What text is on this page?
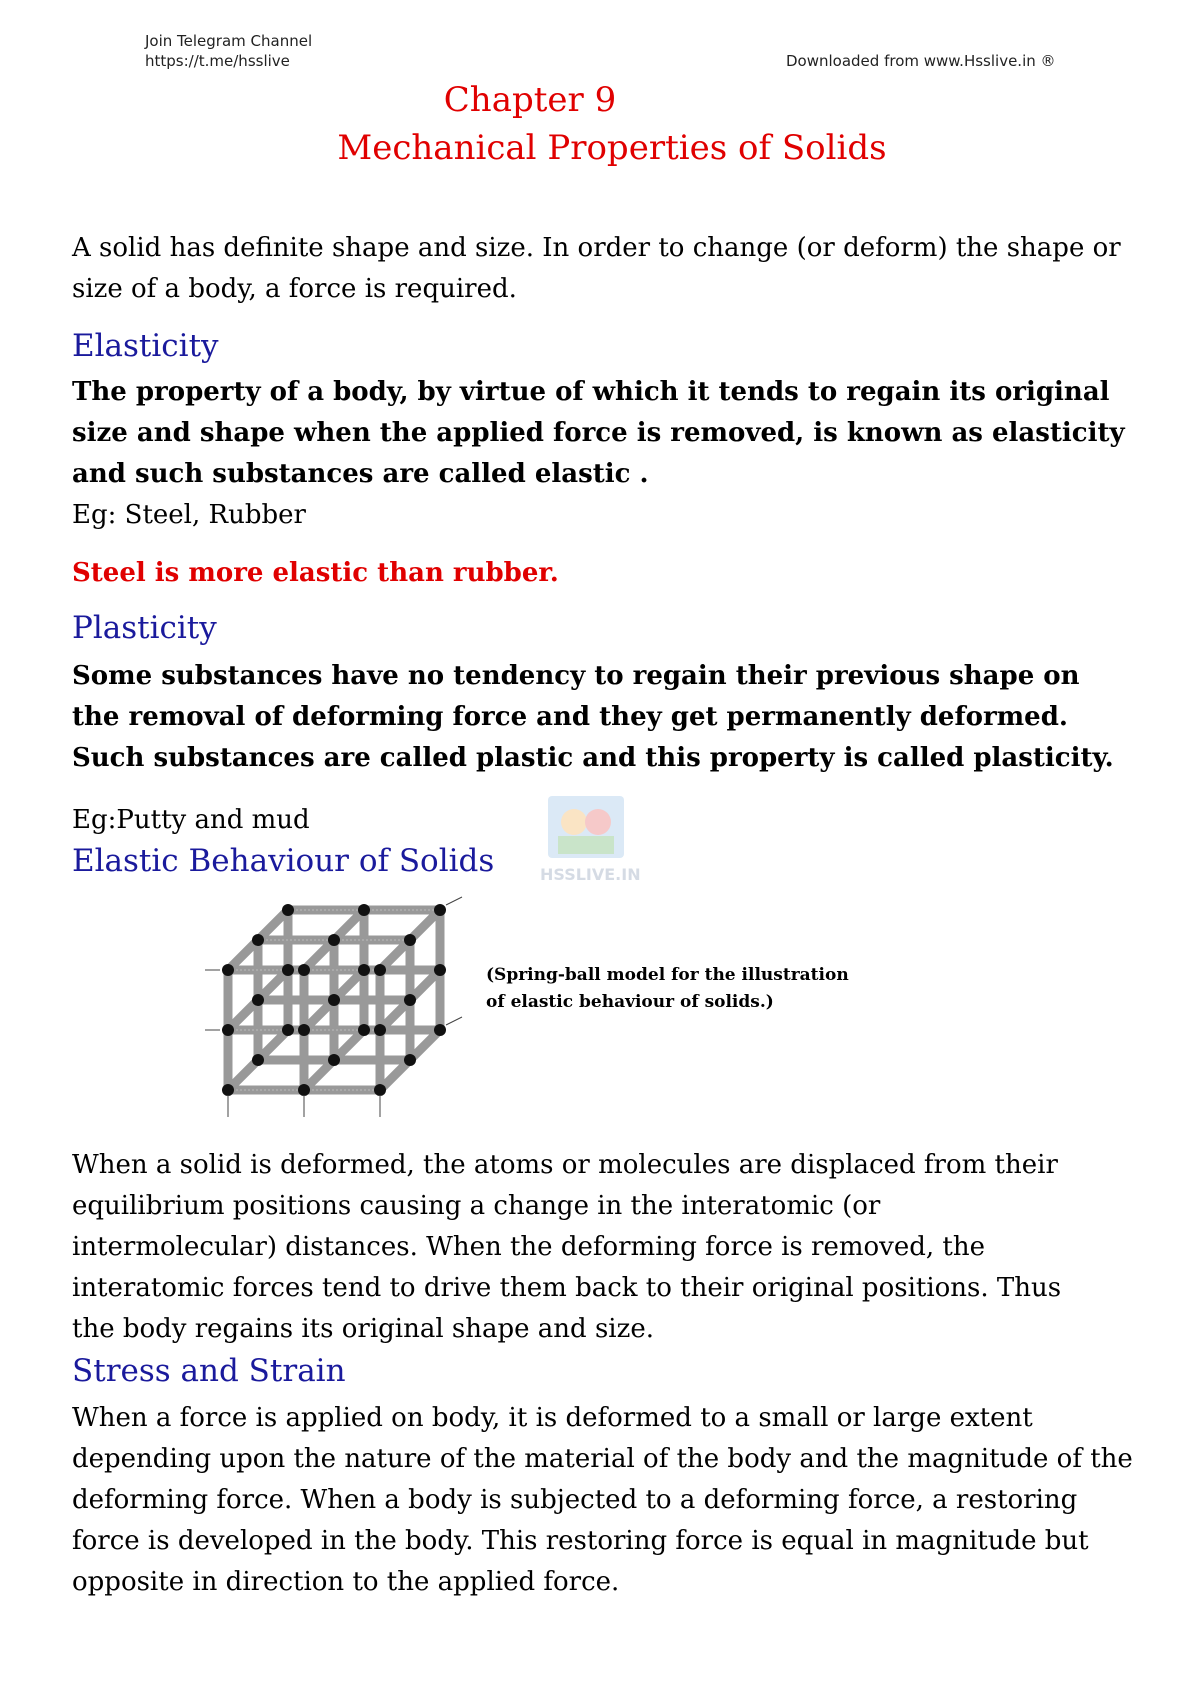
Join Telegram Channel
https://t.me/hsslive	Downloaded from www.Hsslive.in ®
Chapter 9
Mechanical Properties of Solids

A solid has definite shape and size. In order to change (or deform) the shape or size of a body, a force is required.

Elasticity

The property of a body, by virtue of which it tends to regain its original size and shape when the applied force is removed, is known as elasticity and such substances are called elastic .

Eg: Steel, Rubber

Steel is more elastic than rubber.

Plasticity

Some substances have no tendency to regain their previous shape on the removal of deforming force and they get permanently deformed. Such substances are called plastic and this property is called plasticity.

Eg:Putty and mud

Elastic Behaviour of Solids	HSSLIVE.IN
(Spring-ball model for the illustration
of elastic behaviour of solids.)

When a solid is deformed, the atoms or molecules are displaced from their equilibrium positions causing a change in the interatomic (or intermolecular) distances. When the deforming force is removed, the interatomic forces tend to drive them back to their original positions. Thus the body regains its original shape and size.

Stress and Strain

When a force is applied on body, it is deformed to a small or large extent depending upon the nature of the material of the body and the magnitude of the deforming force. When a body is subjected to a deforming force, a restoring force is developed in the body. This restoring force is equal in magnitude but opposite in direction to the applied force.
